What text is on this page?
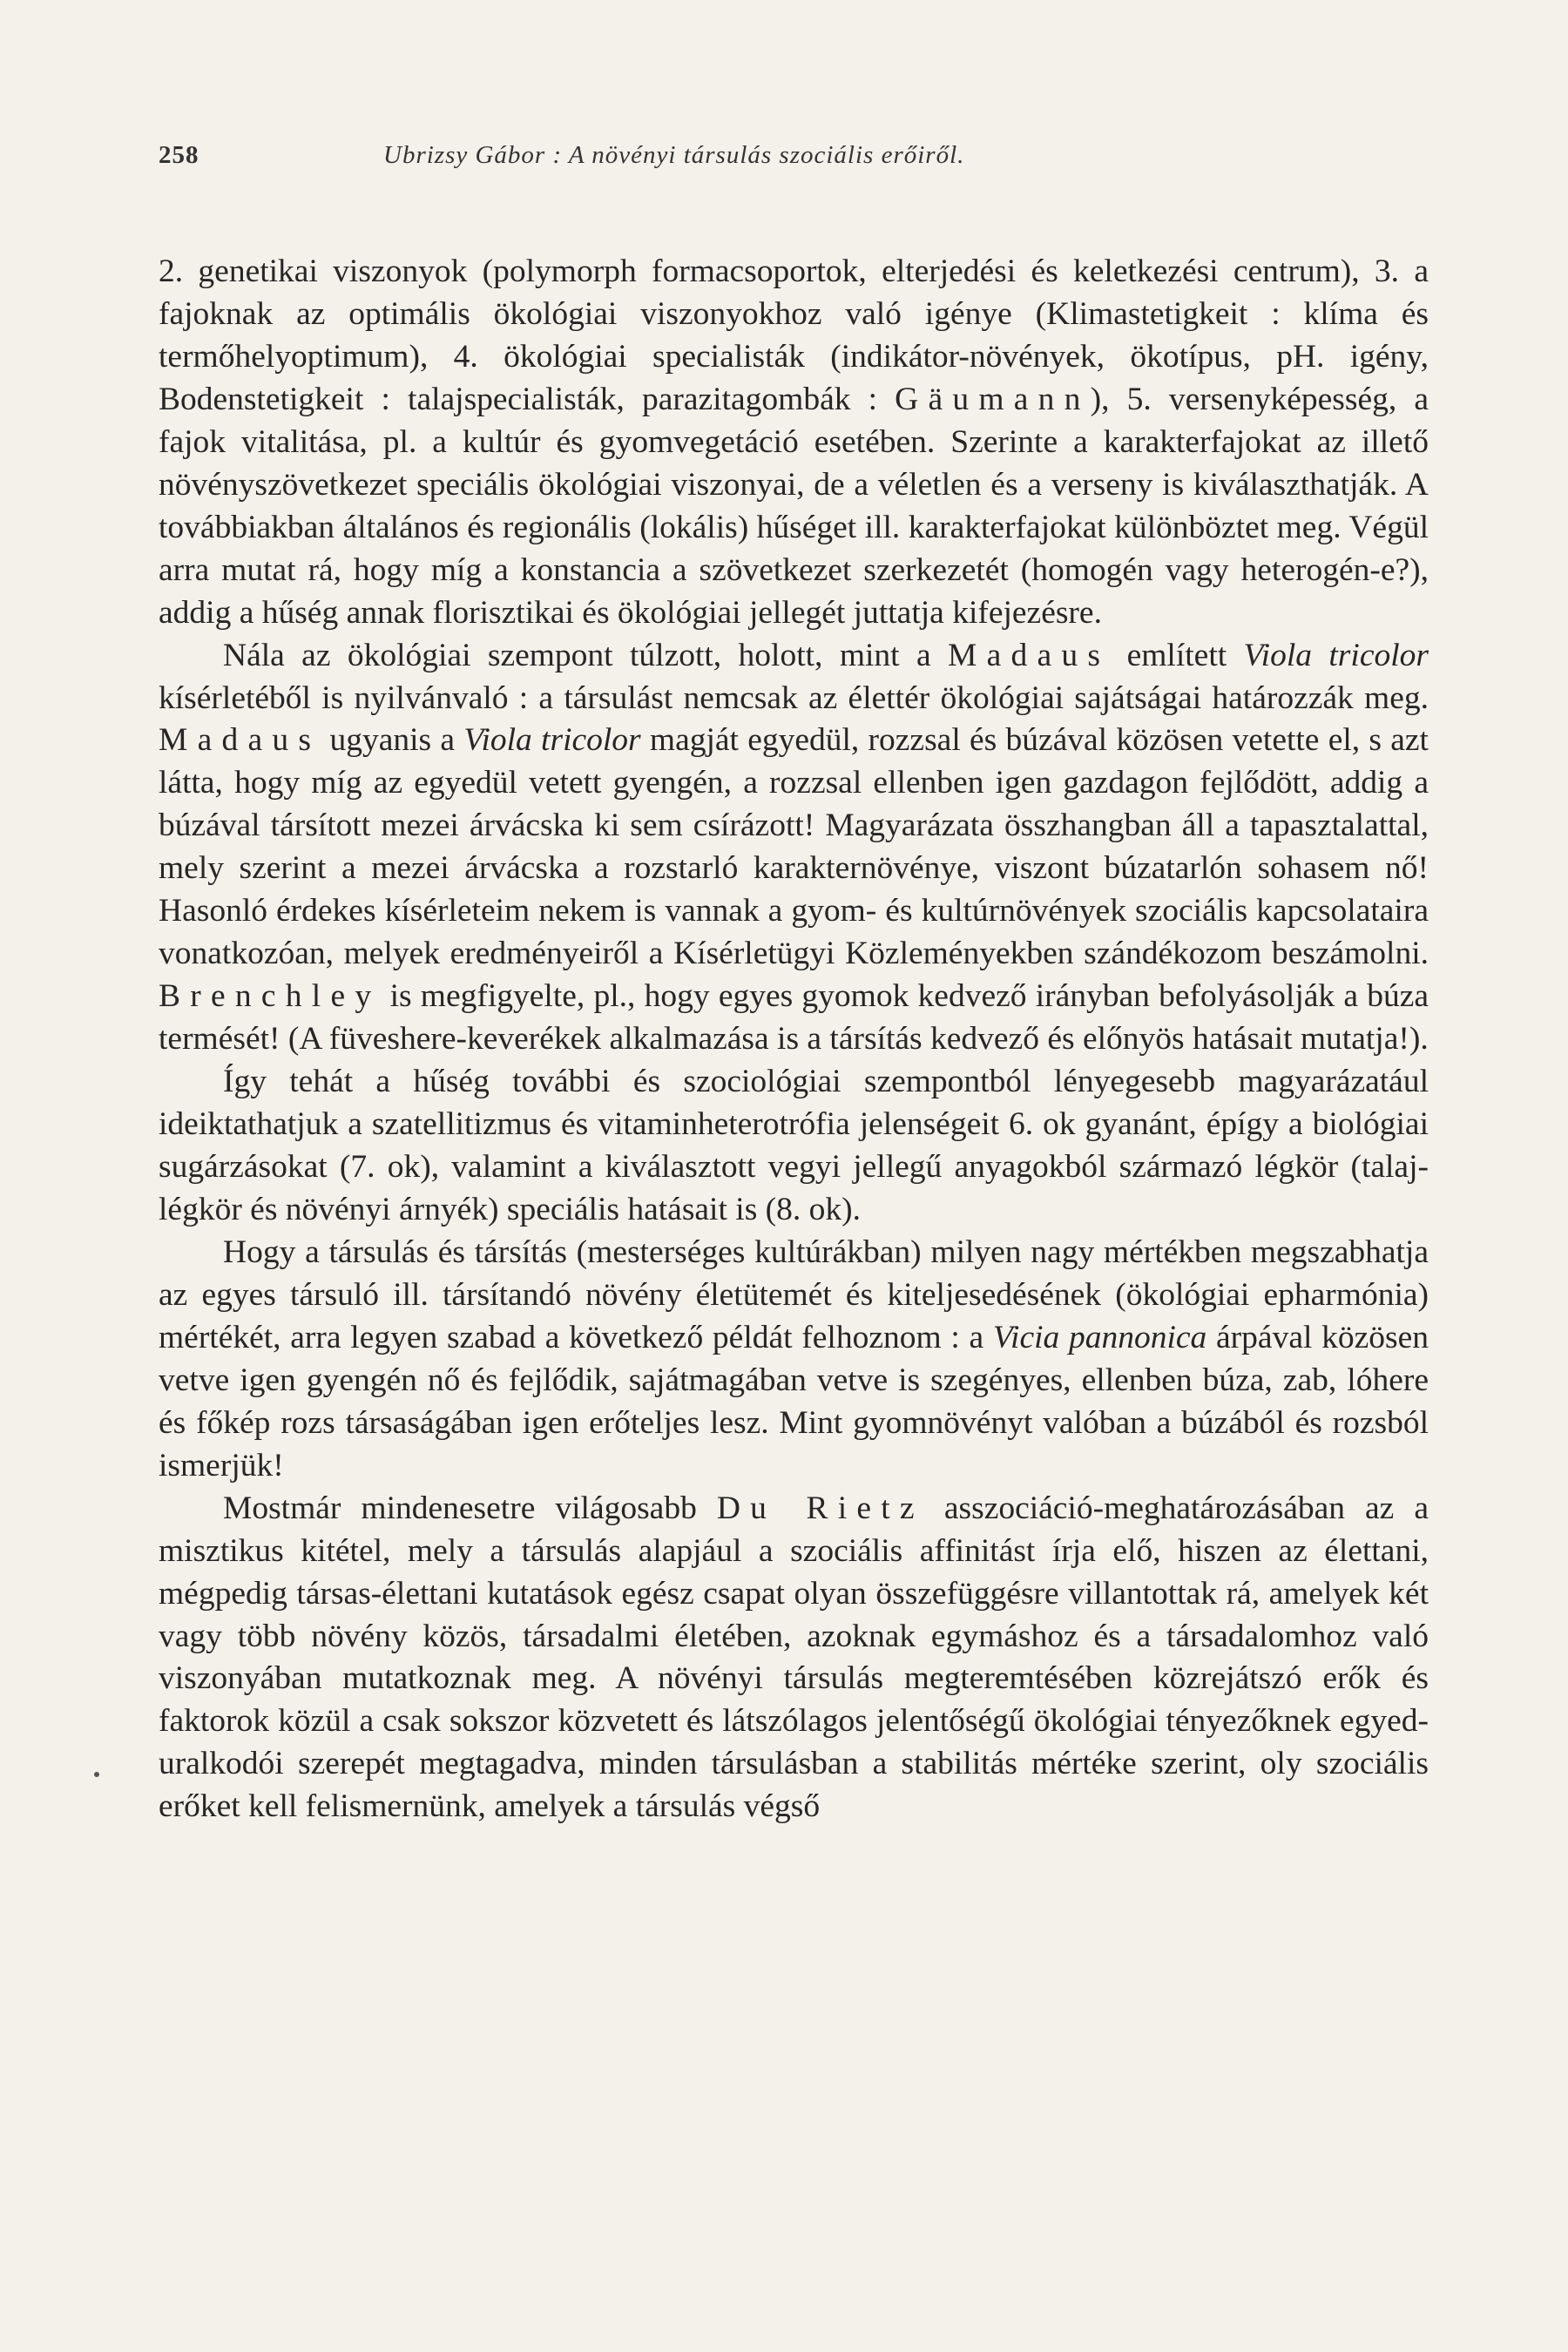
258	Ubrizsy Gábor : A növényi társulás szociális erőiről.

2. genetikai viszonyok (polymorph formacsoportok, elterjedési és keletkezési centrum), 3. a fajoknak az optimális ökológiai viszonyokhoz való igénye (Klimastetigkeit : klíma és termőhelyoptimum), 4. ökológiai specialisták (indikátor-növények, ökotípus, pH. igény, Bodenstetigkeit : talajspecialisták, parazitagombák : Gäumann), 5. versenyképesség, a fajok vitalitása, pl. a kultúr és gyomvegetáció esetében. Szerinte a karakterfajokat az illető növényszövetkezet speciális ökológiai viszonyai, de a véletlen és a verseny is kiválaszthatják. A továbbiakban általános és regionális (lokális) hűséget ill. karakterfajokat különböztet meg. Végül arra mutat rá, hogy míg a konstancia a szövetkezet szerkezetét (homogén vagy heterogén-e?), addig a hűség annak florisztikai és ökológiai jellegét juttatja kifejezésre.

Nála az ökológiai szempont túlzott, holott, mint a Madaus említett Viola tricolor kísérletéből is nyilvánvaló : a társulást nemcsak az élettér ökológiai sajátságai határozzák meg. Madaus ugyanis a Viola tricolor magját egyedül, rozzsal és búzával közösen vetette el, s azt látta, hogy míg az egyedül vetett gyengén, a rozzsal ellenben igen gazdagon fejlődött, addig a búzával társított mezei árvácska ki sem csírázott! Magyarázata összhangban áll a tapasztalattal, mely szerint a mezei árvácska a rozstarló karakternövénye, viszont búzatarlón sohasem nő! Hasonló érdekes kísérleteim nekem is vannak a gyom- és kultúrnövények szociális kapcsolataira vonatkozóan, melyek eredményeiről a Kísérletügyi Közleményekben szándékozom beszámolni. Brenchley is megfigyelte, pl., hogy egyes gyomok kedvező irányban befolyásolják a búza termését! (A füveshere-keverékek alkalmazása is a társítás kedvező és előnyös hatásait mutatja!).

Így tehát a hűség további és szociológiai szempontból lényegesebb magyarázatául ideiktathatjuk a szatellitizmus és vitaminheterotrófia jelenségeit 6. ok gyanánt, épígy a biológiai sugárzásokat (7. ok), valamint a kiválasztott vegyi jellegű anyagokból származó légkör (talajlégkör és növényi árnyék) speciális hatásait is (8. ok).

Hogy a társulás és társítás (mesterséges kultúrákban) milyen nagy mértékben megszabhatja az egyes társuló ill. társítandó növény életütemét és kiteljesedésének (ökológiai epharmónia) mértékét, arra legyen szabad a következő példát felhoznom : a Vicia pannonica árpával közösen vetve igen gyengén nő és fejlődik, sajátmagában vetve is szegényes, ellenben búza, zab, lóhere és főkép rozs társaságában igen erőteljes lesz. Mint gyomnövényt valóban a búzából és rozsból ismerjük!

Mostmár mindenesetre világosabb Du Rietz asszociáció-meghatározásában az a misztikus kitétel, mely a társulás alapjául a szociális affinitást írja elő, hiszen az élettani, mégpedig társas-élettani kutatások egész csapat olyan összefüggésre villantottak rá, amelyek két vagy több növény közös, társadalmi életében, azoknak egymáshoz és a társadalomhoz való viszonyában mutatkoznak meg. A növényi társulás megteremtésében közrejátszó erők és faktorok közül a csak sokszor közvetett és látszólagos jelentőségű ökológiai tényezőknek egyeduralkodói szerepét megtagadva, minden társulásban a stabilitás mértéke szerint, oly szociális erőket kell felismernünk, amelyek a társulás végső
